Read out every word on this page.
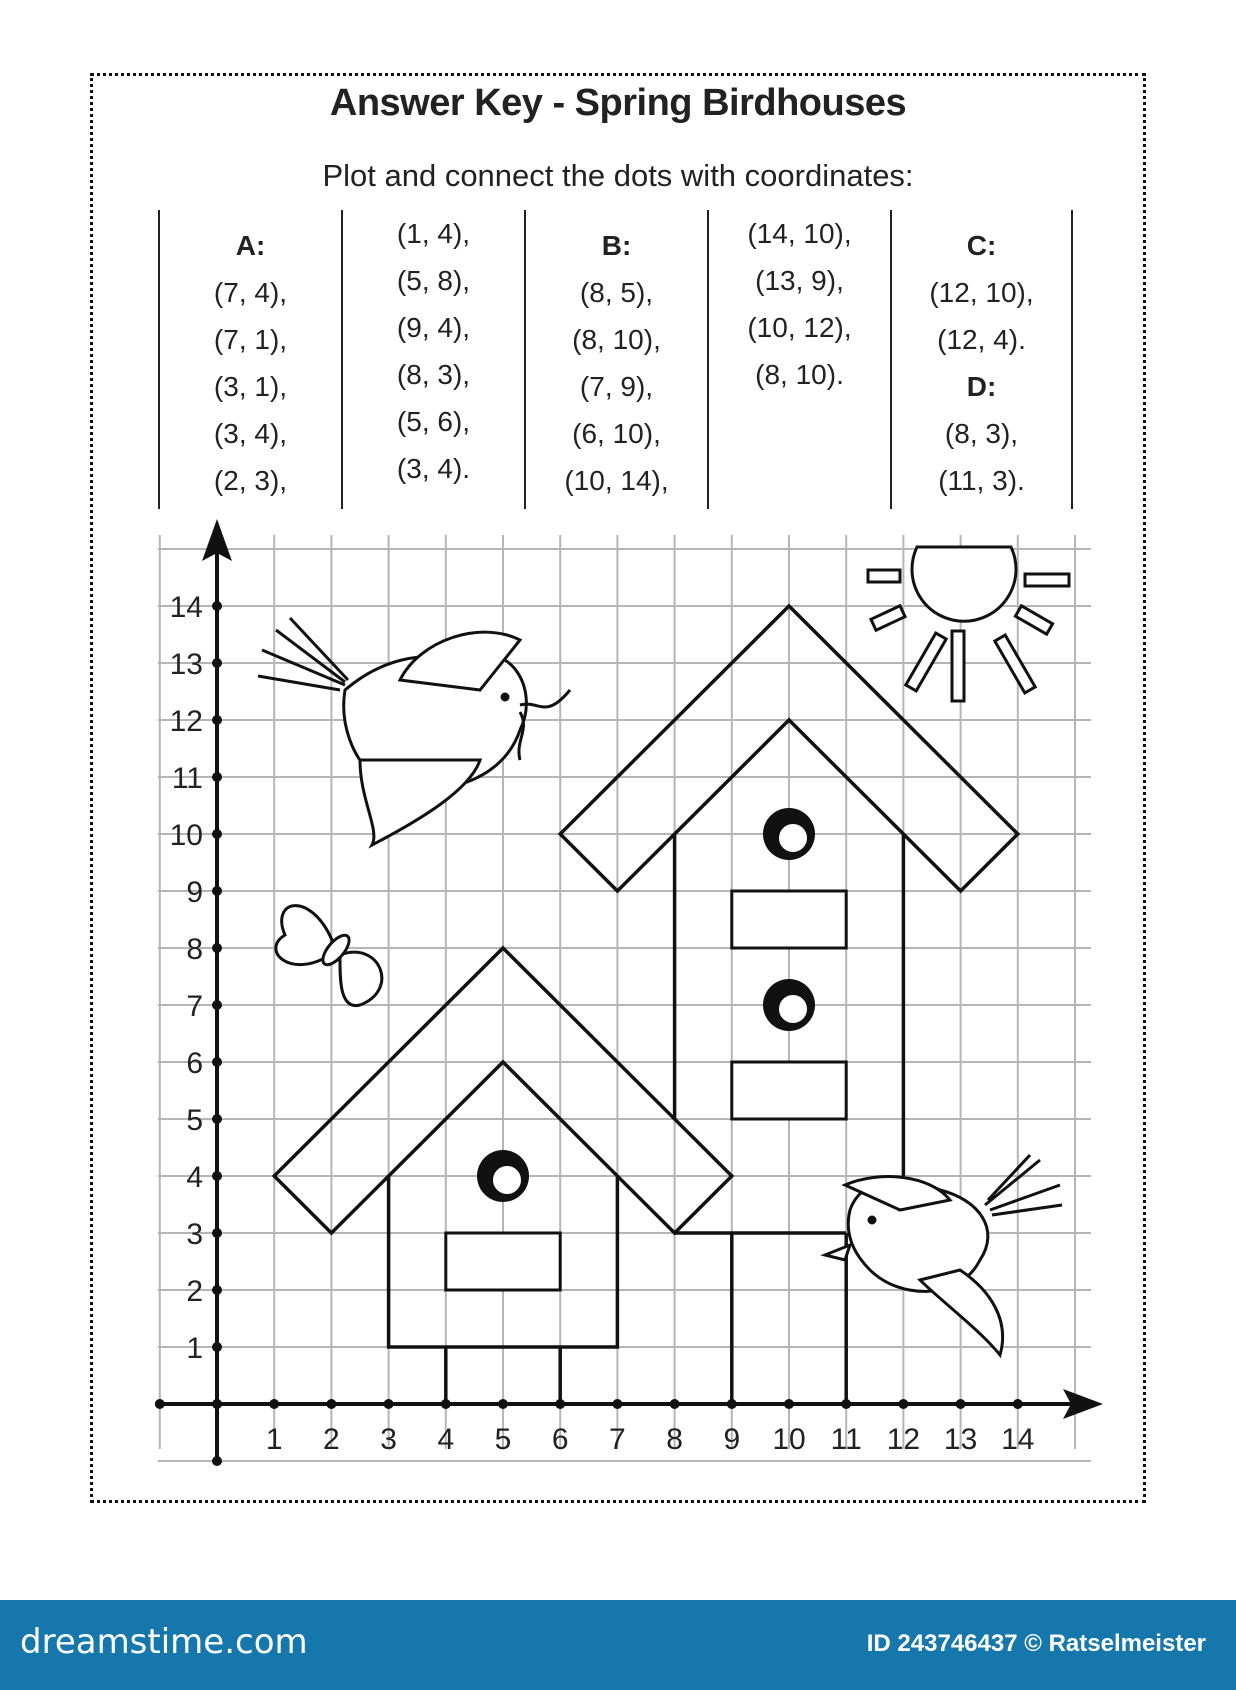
Answer Key - Spring Birdhouses
Plot and connect the dots with coordinates:
A:
(7, 4),
(7, 1),
(3, 1),
(3, 4),
(2, 3),
(1, 4),
(5, 8),
(9, 4),
(8, 3),
(5, 6),
(3, 4).
B:
(8, 5),
(8, 10),
(7, 9),
(6, 10),
(10, 14),
(14, 10),
(13, 9),
(10, 12),
(8, 10).
C:
(12, 10),
(12, 4).
D:
(8, 3),
(11, 3).
1 2 3 4 5 6 7 8 9 10 11 12 13 14
1
2
3
4
5
6
7
8
9
10
11
12
13
14
dreamstime.com	ID 243746437 © Ratselmeister
